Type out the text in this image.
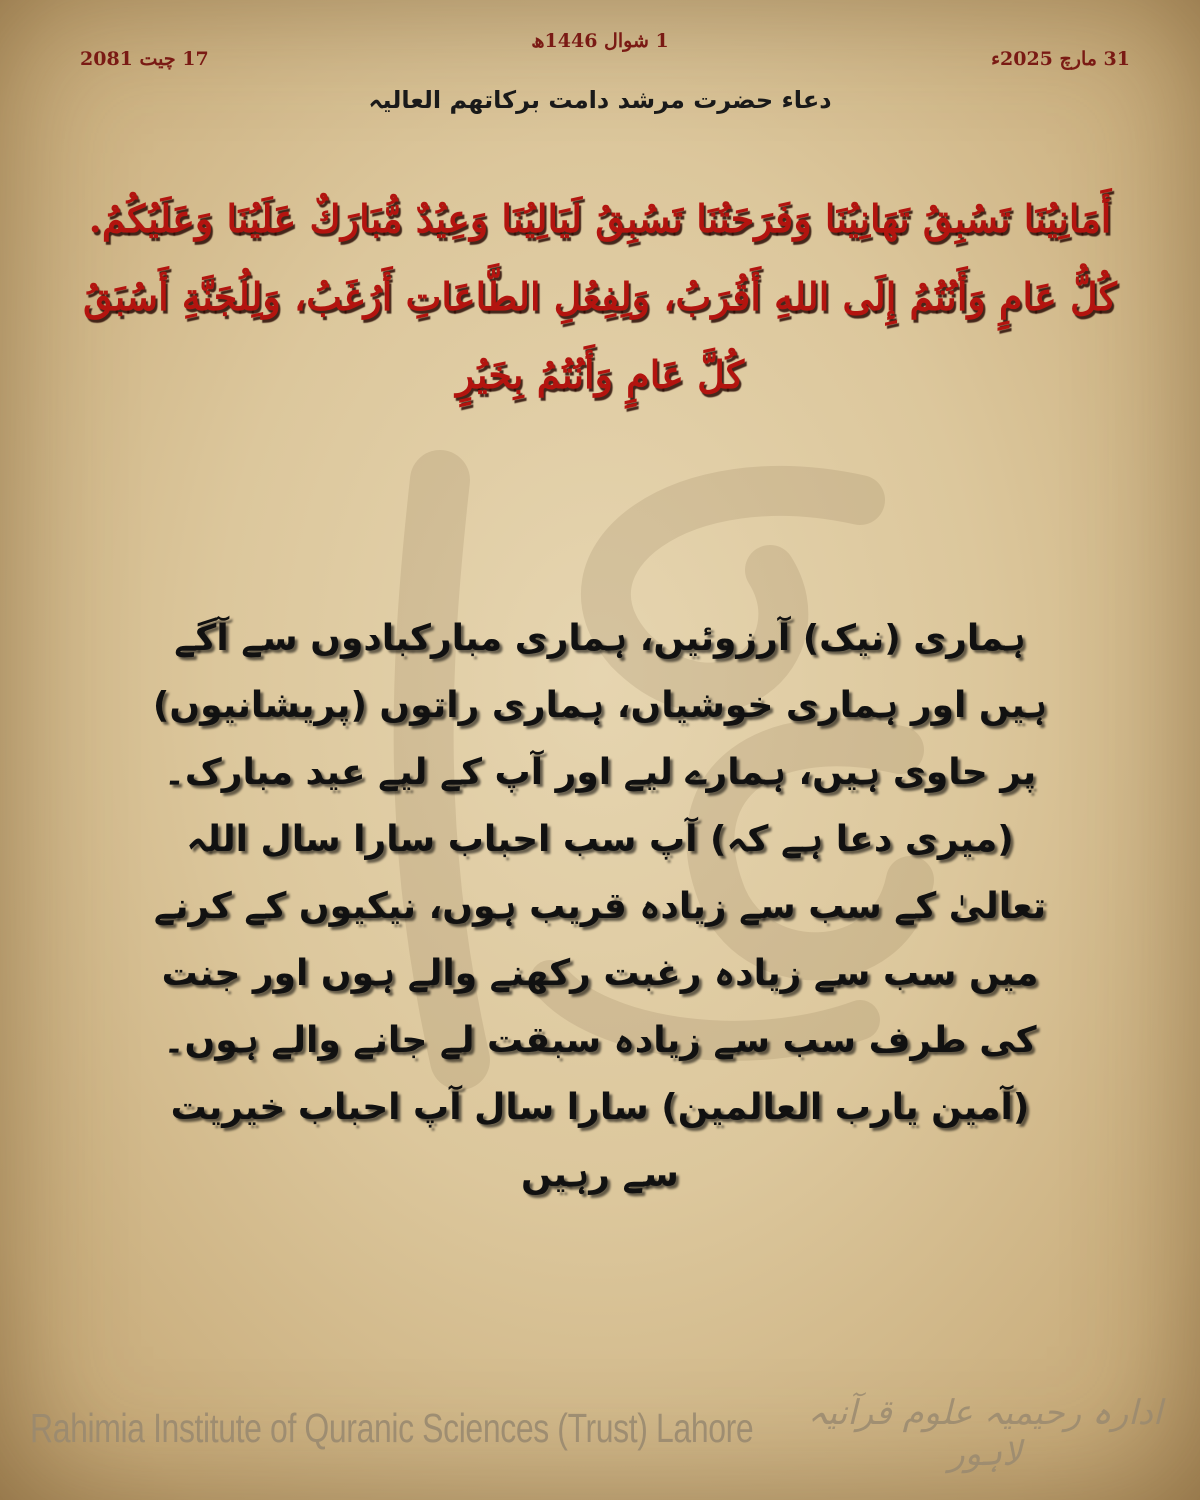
17 چیت 2081	31 مارچ 2025ء
1 شوال 1446ھ
دعاء حضرت مرشد دامت برکاتھم العالیہ
أَمَانِيُنَا تَسُبِقُ تَهَانِيُنَا وَفَرَحَتُنَا تَسُبِقُ لَيَالِيُنَا وَعِيُدٌ مُّبَارَكٌ عَلَيُنَا وَعَلَيُكُمُ. كُلُّ عَامٍ وَأَنُتُمُ إِلَى اللهِ أَقُرَبُ، وَلِفِعُلِ الطَّاعَاتِ أَرُغَبُ، وَلِلُجَنَّةِ أَسُبَقُ كُلَّ عَامٍ وَأَنُتُمُ بِخَيُرٍ
ہماری (نیک) آرزوئیں، ہماری مبارکبادوں سے آگے ہیں اور ہماری خوشیاں، ہماری راتوں (پریشانیوں) پر حاوی ہیں، ہمارے لیے اور آپ کے لیے عید مبارک۔ (میری دعا ہے کہ) آپ سب احباب سارا سال اللہ تعالیٰ کے سب سے زیادہ قریب ہوں، نیکیوں کے کرنے میں سب سے زیادہ رغبت رکھنے والے ہوں اور جنت کی طرف سب سے زیادہ سبقت لے جانے والے ہوں۔ (آمین یارب العالمین) سارا سال آپ احباب خیریت سے رہیں
Rahimia Institute of Quranic Sciences (Trust) Lahore	ادارہ رحیمیہ علوم قرآنیہ لاہور
